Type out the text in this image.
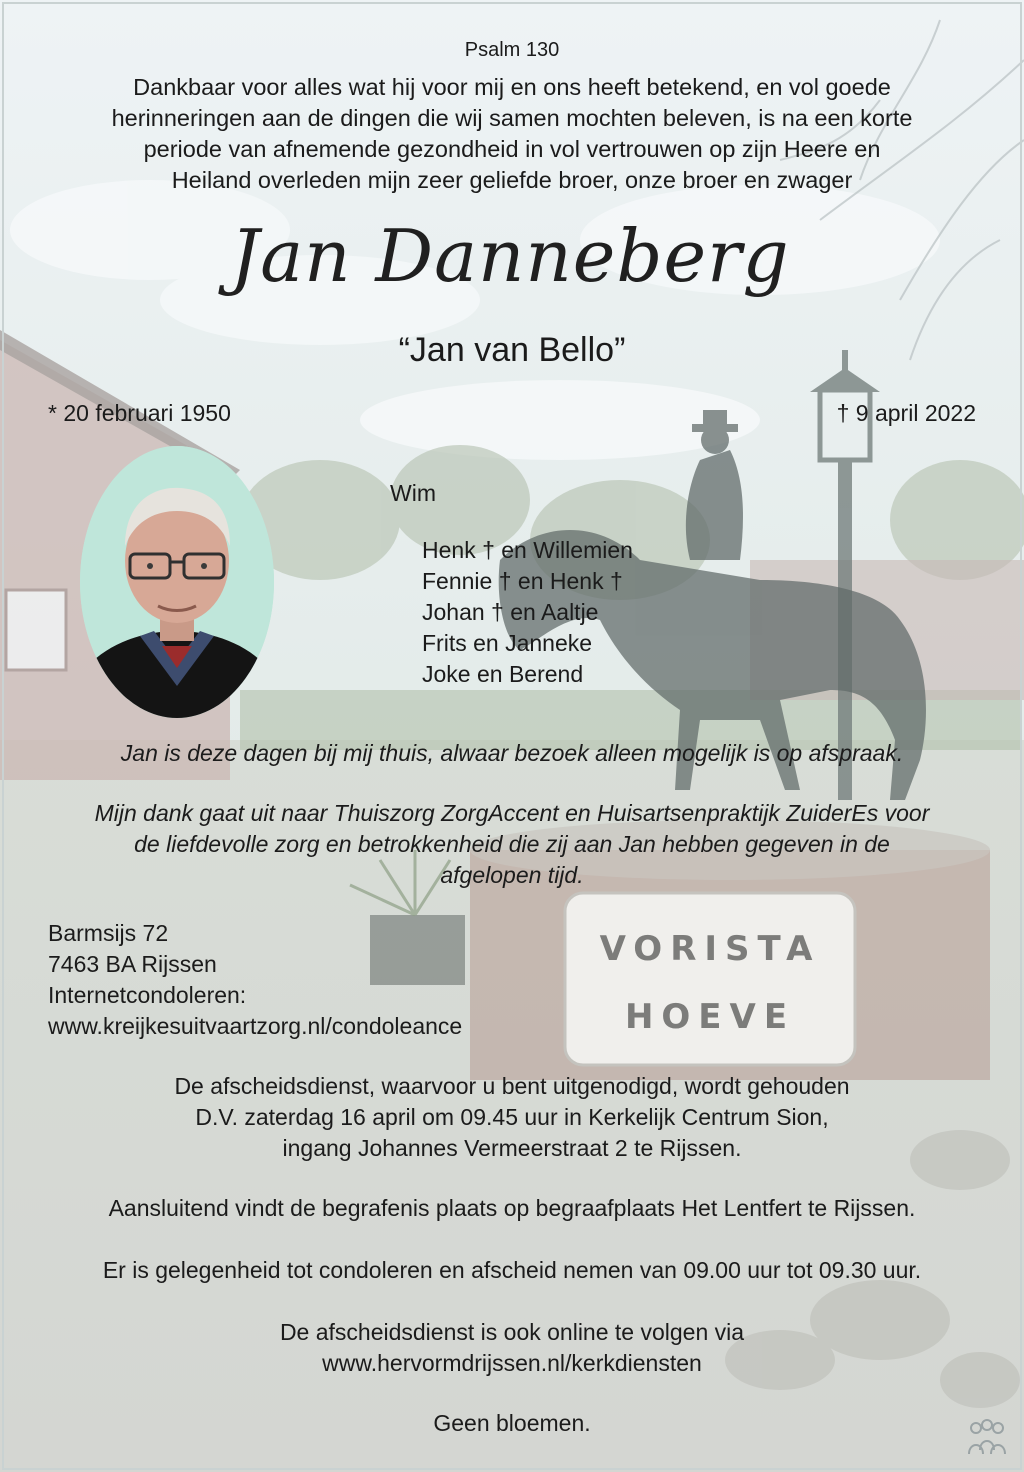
VORISTA
HOEVE
Psalm 130
Dankbaar voor alles wat hij voor mij en ons heeft betekend, en vol goede
herinneringen aan de dingen die wij samen mochten beleven, is na een korte
periode van afnemende gezondheid in vol vertrouwen op zijn Heere en
Heiland overleden mijn zeer geliefde broer, onze broer en zwager
Jan Danneberg
“Jan van Bello”
* 20 februari 1950	† 9 april 2022
Wim
Henk † en Willemien
Fennie † en Henk †
Johan † en Aaltje
Frits en Janneke
Joke en Berend
Jan is deze dagen bij mij thuis, alwaar bezoek alleen mogelijk is op afspraak.
Mijn dank gaat uit naar Thuiszorg ZorgAccent en Huisartsenpraktijk ZuiderEs voor
de liefdevolle zorg en betrokkenheid die zij aan Jan hebben gegeven in de
afgelopen tijd.
Barmsijs 72
7463 BA Rijssen
Internetcondoleren:
www.kreijkesuitvaartzorg.nl/condoleance
De afscheidsdienst, waarvoor u bent uitgenodigd, wordt gehouden
D.V. zaterdag 16 april om 09.45 uur in Kerkelijk Centrum Sion,
ingang Johannes Vermeerstraat 2 te Rijssen.
Aansluitend vindt de begrafenis plaats op begraafplaats Het Lentfert te Rijssen.
Er is gelegenheid tot condoleren en afscheid nemen van 09.00 uur tot 09.30 uur.
De afscheidsdienst is ook online te volgen via
www.hervormdrijssen.nl/kerkdiensten
Geen bloemen.
